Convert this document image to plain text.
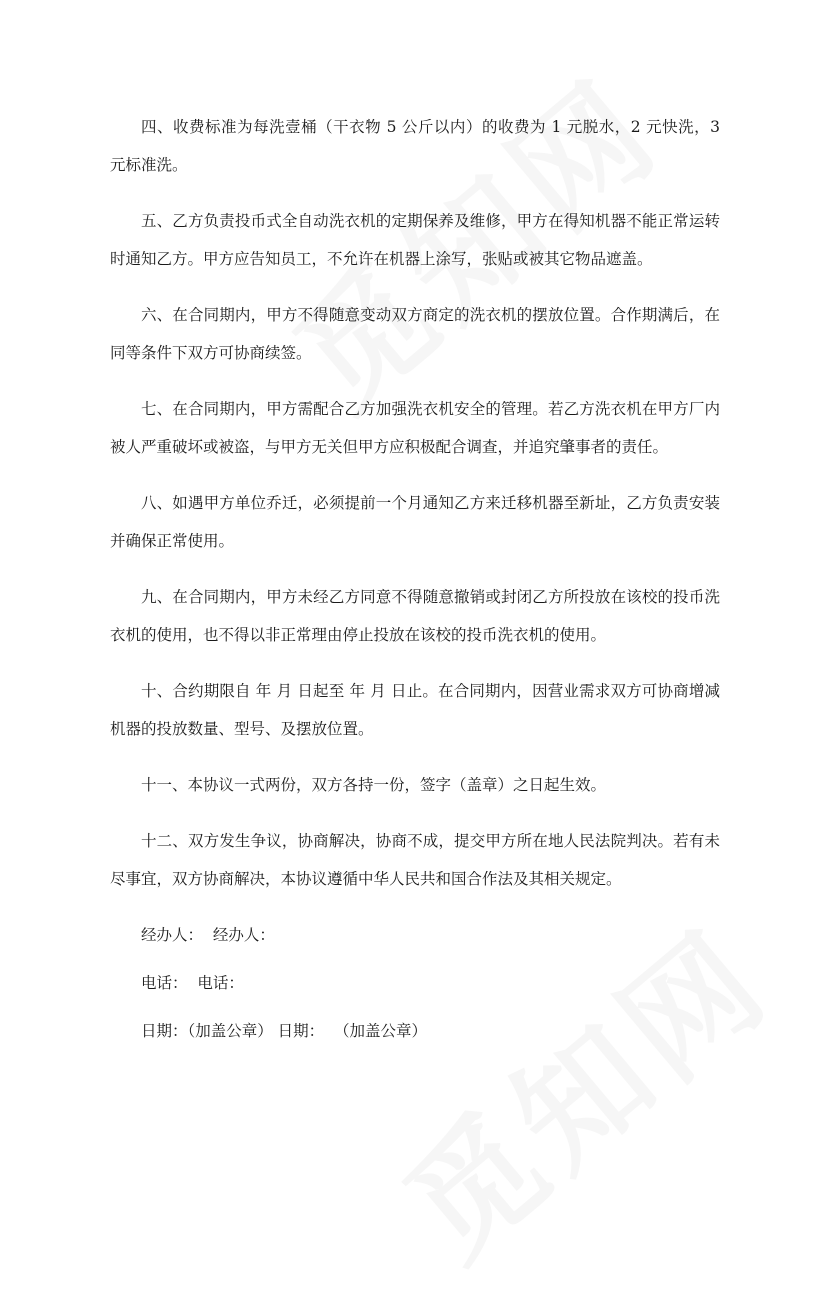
四、收费标准为每洗壹桶（干衣物 5 公斤以内）的收费为 1 元脱水，2 元快洗，3 元标准洗。

五、乙方负责投币式全自动洗衣机的定期保养及维修，甲方在得知机器不能正常运转时通知乙方。甲方应告知员工，不允许在机器上涂写，张贴或被其它物品遮盖。

六、在合同期内，甲方不得随意变动双方商定的洗衣机的摆放位置。合作期满后，在同等条件下双方可协商续签。

七、在合同期内，甲方需配合乙方加强洗衣机安全的管理。若乙方洗衣机在甲方厂内被人严重破坏或被盗，与甲方无关但甲方应积极配合调查，并追究肇事者的责任。

八、如遇甲方单位乔迁，必须提前一个月通知乙方来迁移机器至新址，乙方负责安装并确保正常使用。

九、在合同期内，甲方未经乙方同意不得随意撤销或封闭乙方所投放在该校的投币洗衣机的使用，也不得以非正常理由停止投放在该校的投币洗衣机的使用。

十、合约期限自 年 月 日起至 年 月 日止。在合同期内，因营业需求双方可协商增减机器的投放数量、型号、及摆放位置。

十一、本协议一式两份，双方各持一份，签字（盖章）之日起生效。

十二、双方发生争议，协商解决，协商不成，提交甲方所在地人民法院判决。若有未尽事宜，双方协商解决，本协议遵循中华人民共和国合作法及其相关规定。

经办人：  经办人：

电话：  电话：

日期：（加盖公章） 日期：  （加盖公章）
